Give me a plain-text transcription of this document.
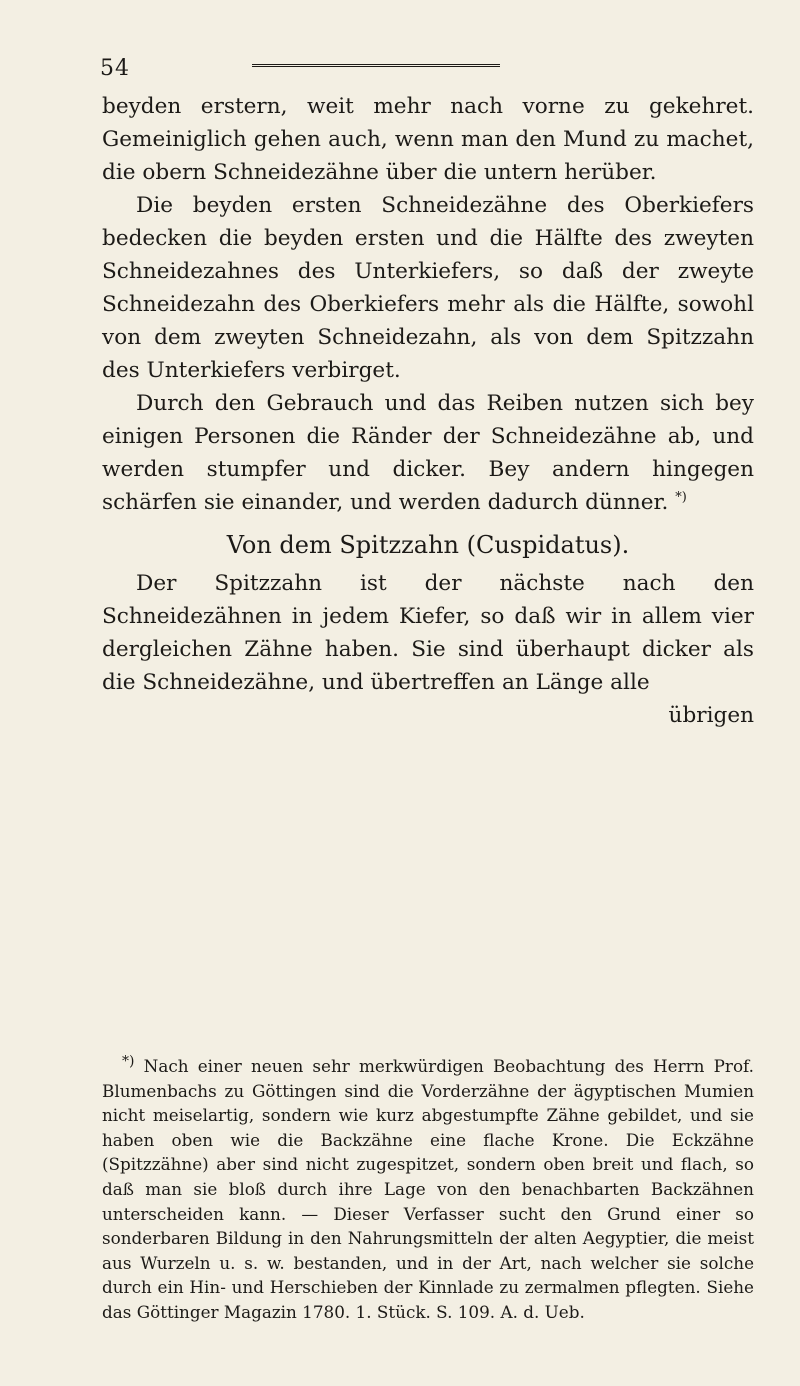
54

beyden erstern, weit mehr nach vorne zu gekehret. Gemeiniglich gehen auch, wenn man den Mund zu machet, die obern Schneidezähne über die untern herüber.

Die beyden ersten Schneidezähne des Oberkiefers bedecken die beyden ersten und die Hälfte des zweyten Schneidezahnes des Unterkiefers, so daß der zweyte Schneidezahn des Oberkiefers mehr als die Hälfte, sowohl von dem zweyten Schneidezahn, als von dem Spitzzahn des Unterkiefers verbirget.

Durch den Gebrauch und das Reiben nutzen sich bey einigen Personen die Ränder der Schneidezähne ab, und werden stumpfer und dicker. Bey andern hingegen schärfen sie einander, und werden dadurch dünner. *)

Von dem Spitzzahn (Cuspidatus).

Der Spitzzahn ist der nächste nach den Schneidezähnen in jedem Kiefer, so daß wir in allem vier dergleichen Zähne haben. Sie sind überhaupt dicker als die Schneidezähne, und übertreffen an Länge alle

übrigen

*) Nach einer neuen sehr merkwürdigen Beobachtung des Herrn Prof. Blumenbachs zu Göttingen sind die Vorderzähne der ägyptischen Mumien nicht meiselartig, sondern wie kurz abgestumpfte Zähne gebildet, und sie haben oben wie die Backzähne eine flache Krone. Die Eckzähne (Spitzzähne) aber sind nicht zugespitzet, sondern oben breit und flach, so daß man sie bloß durch ihre Lage von den benachbarten Backzähnen unterscheiden kann. — Dieser Verfasser sucht den Grund einer so sonderbaren Bildung in den Nahrungsmitteln der alten Aegyptier, die meist aus Wurzeln u. s. w. bestanden, und in der Art, nach welcher sie solche durch ein Hin- und Herschieben der Kinnlade zu zermalmen pflegten. Siehe das Göttinger Magazin 1780. 1. Stück. S. 109. A. d. Ueb.
